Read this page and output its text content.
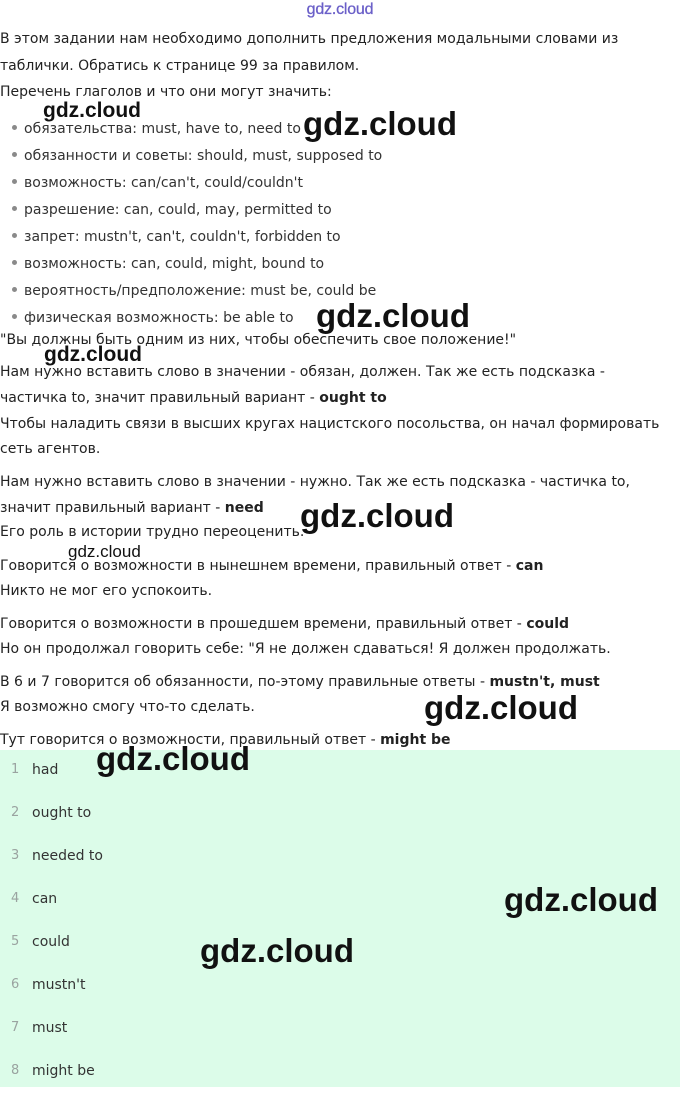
gdz.cloud
В этом задании нам необходимо дополнить предложения модальными словами из
таблички. Обратись к странице 99 за правилом.
Перечень глаголов и что они могут значить:
обязательства: must, have to, need to
обязанности и советы: should, must, supposed to
возможность: can/can't, could/couldn't
разрешение: can, could, may, permitted to
запрет: mustn't, can't, couldn't, forbidden to
возможность: can, could, might, bound to
вероятность/предположение: must be, could be
физическая возможность: be able to
"Вы должны быть одним из них, чтобы обеспечить свое положение!"
Нам нужно вставить слово в значении - обязан, должен. Так же есть подсказка -
частичка to, значит правильный вариант - ought to
Чтобы наладить связи в высших кругах нацистского посольства, он начал формировать
сеть агентов.
Нам нужно вставить слово в значении - нужно. Так же есть подсказка - частичка to,
значит правильный вариант - need
Его роль в истории трудно переоценить.
Говорится о возможности в нынешнем времени, правильный ответ - can
Никто не мог его успокоить.
Говорится о возможности в прошедшем времени, правильный ответ - could
Но он продолжал говорить себе: "Я не должен сдаваться! Я должен продолжать.
В 6 и 7 говорится об обязанности, по-этому правильные ответы - mustn't, must
Я возможно смогу что-то сделать.
Тут говорится о возможности, правильный ответ - might be
1 had
2 ought to
3 needed to
4 can
5 could
6 mustn't
7 must
8 might be
gdz.cloud	gdz.cloud
gdz.cloud
gdz.cloud
gdz.cloud
gdz.cloud
gdz.cloud
gdz.cloud
gdz.cloud
gdz.cloud
